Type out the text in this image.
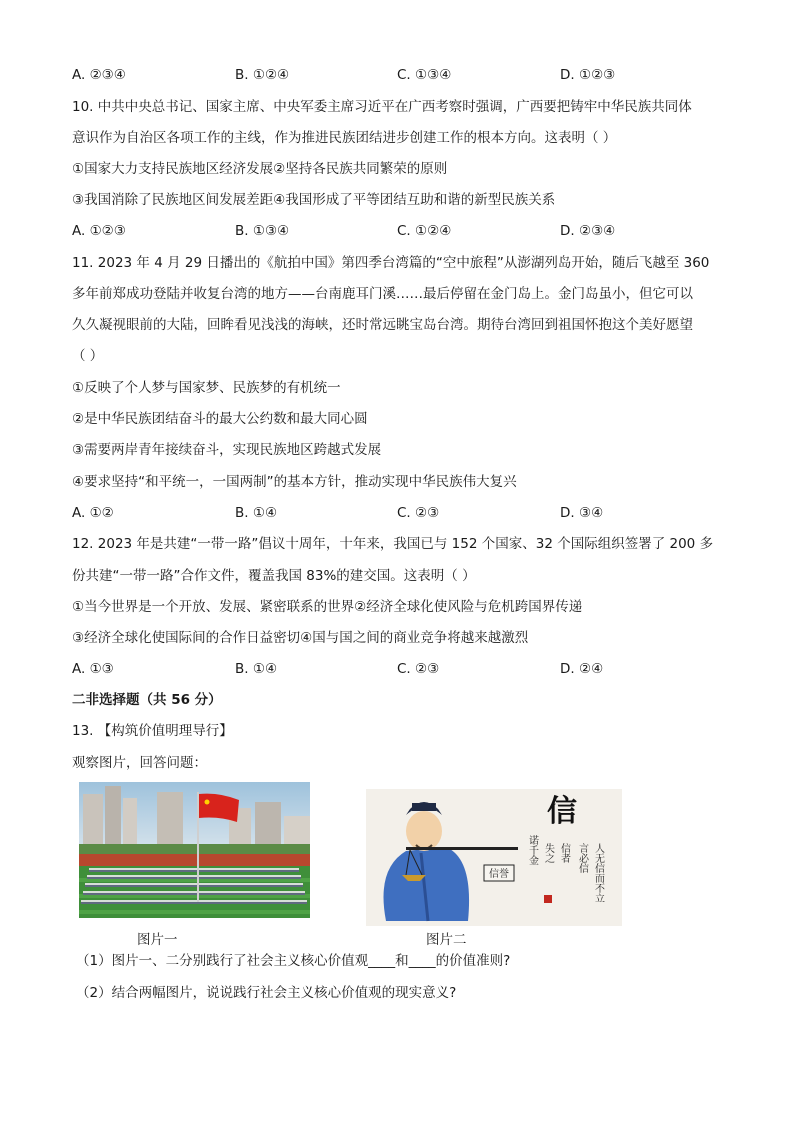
A. ②③④	B. ①②④	C. ①③④	D. ①②③
10. 中共中央总书记、国家主席、中央军委主席习近平在广西考察时强调，广西要把铸牢中华民族共同体
意识作为自治区各项工作的主线，作为推进民族团结进步创建工作的根本方向。这表明（ ）
①国家大力支持民族地区经济发展②坚持各民族共同繁荣的原则
③我国消除了民族地区间发展差距④我国形成了平等团结互助和谐的新型民族关系
A. ①②③	B. ①③④	C. ①②④	D. ②③④
11. 2023 年 4 月 29 日播出的《航拍中国》第四季台湾篇的“空中旅程”从澎湖列岛开始，随后飞越至 360
多年前郑成功登陆并收复台湾的地方——台南鹿耳门溪……最后停留在金门岛上。金门岛虽小，但它可以
久久凝视眼前的大陆，回眸看见浅浅的海峡，还时常远眺宝岛台湾。期待台湾回到祖国怀抱这个美好愿望
（ ）
①反映了个人梦与国家梦、民族梦的有机统一
②是中华民族团结奋斗的最大公约数和最大同心圆
③需要两岸青年接续奋斗，实现民族地区跨越式发展
④要求坚持“和平统一，一国两制”的基本方针，推动实现中华民族伟大复兴
A. ①②	B. ①④	C. ②③	D. ③④
12. 2023 年是共建“一带一路”倡议十周年，十年来，我国已与 152 个国家、32 个国际组织签署了 200 多
份共建“一带一路”合作文件，覆盖我国 83%的建交国。这表明（ ）
①当今世界是一个开放、发展、紧密联系的世界②经济全球化使风险与危机跨国界传递
③经济全球化使国际间的合作日益密切④国与国之间的商业竞争将越来越激烈
A. ①③	B. ①④	C. ②③	D. ②④
二非选择题（共 56 分）
13. 【构筑价值明理导行】
观察图片，回答问题：
图片一
信誉
信
人无信而不立
言必信
信者
失之
诺千金
图片二
（1）图片一、二分别践行了社会主义核心价值观____和____的价值准则?
（2）结合两幅图片，说说践行社会主义核心价值观的现实意义?
